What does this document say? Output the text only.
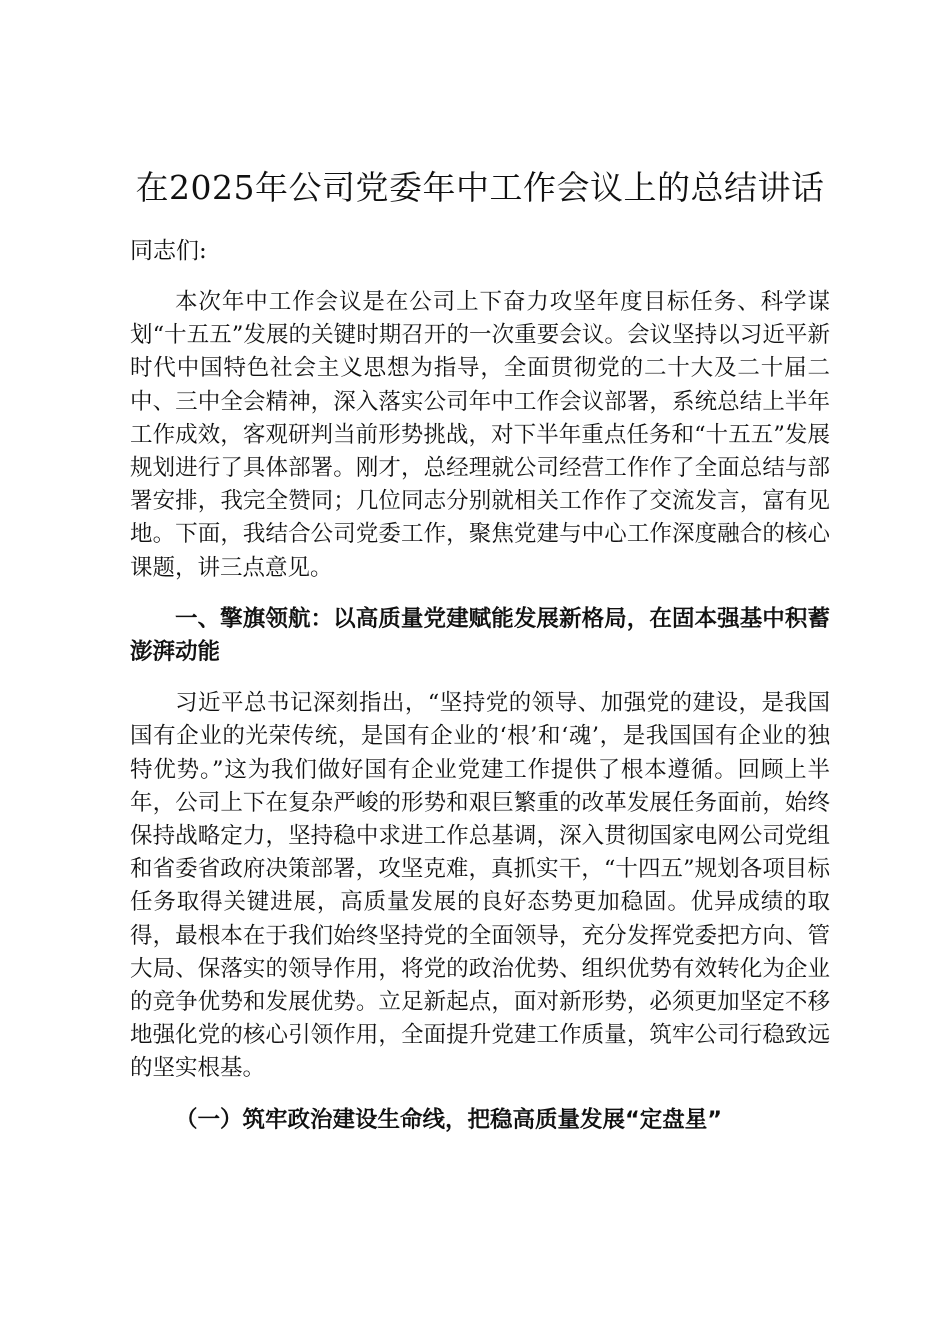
在2025年公司党委年中工作会议上的总结讲话

同志们:

本次年中工作会议是在公司上下奋力攻坚年度目标任务、科学谋划“十五五”发展的关键时期召开的一次重要会议。会议坚持以习近平新时代中国特色社会主义思想为指导，全面贯彻党的二十大及二十届二中、三中全会精神，深入落实公司年中工作会议部署，系统总结上半年工作成效，客观研判当前形势挑战，对下半年重点任务和“十五五”发展规划进行了具体部署。刚才，总经理就公司经营工作作了全面总结与部署安排，我完全赞同；几位同志分别就相关工作作了交流发言，富有见地。下面，我结合公司党委工作，聚焦党建与中心工作深度融合的核心课题，讲三点意见。

一、擎旗领航：以高质量党建赋能发展新格局，在固本强基中积蓄澎湃动能

习近平总书记深刻指出，“坚持党的领导、加强党的建设，是我国国有企业的光荣传统，是国有企业的‘根’和‘魂’，是我国国有企业的独特优势。”这为我们做好国有企业党建工作提供了根本遵循。回顾上半年，公司上下在复杂严峻的形势和艰巨繁重的改革发展任务面前，始终保持战略定力，坚持稳中求进工作总基调，深入贯彻国家电网公司党组和省委省政府决策部署，攻坚克难，真抓实干，“十四五”规划各项目标任务取得关键进展，高质量发展的良好态势更加稳固。优异成绩的取得，最根本在于我们始终坚持党的全面领导，充分发挥党委把方向、管大局、保落实的领导作用，将党的政治优势、组织优势有效转化为企业的竞争优势和发展优势。立足新起点，面对新形势，必须更加坚定不移地强化党的核心引领作用，全面提升党建工作质量，筑牢公司行稳致远的坚实根基。

（一）筑牢政治建设生命线，把稳高质量发展“定盘星”
